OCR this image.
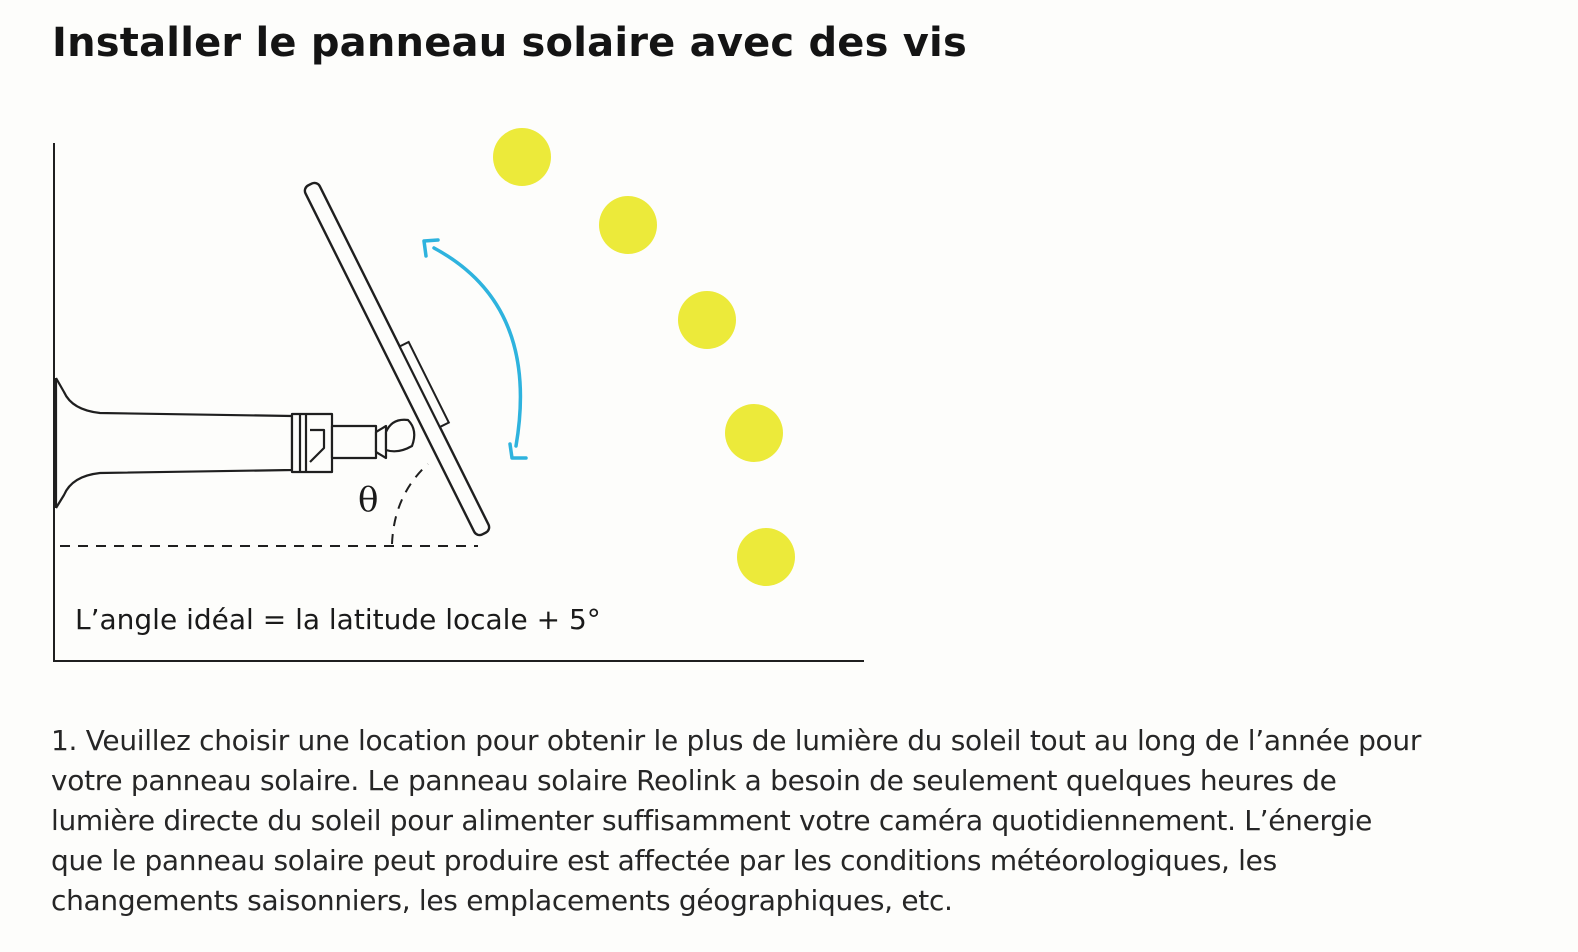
Installer le panneau solaire avec des vis
θ
L’angle idéal = la latitude locale + 5°

1. Veuillez choisir une location pour obtenir le plus de lumière du soleil tout au long de l’année pour
votre panneau solaire. Le panneau solaire Reolink a besoin de seulement quelques heures de
lumière directe du soleil pour alimenter suffisamment votre caméra quotidiennement. L’énergie
que le panneau solaire peut produire est affectée par les conditions météorologiques, les
changements saisonniers, les emplacements géographiques, etc.
